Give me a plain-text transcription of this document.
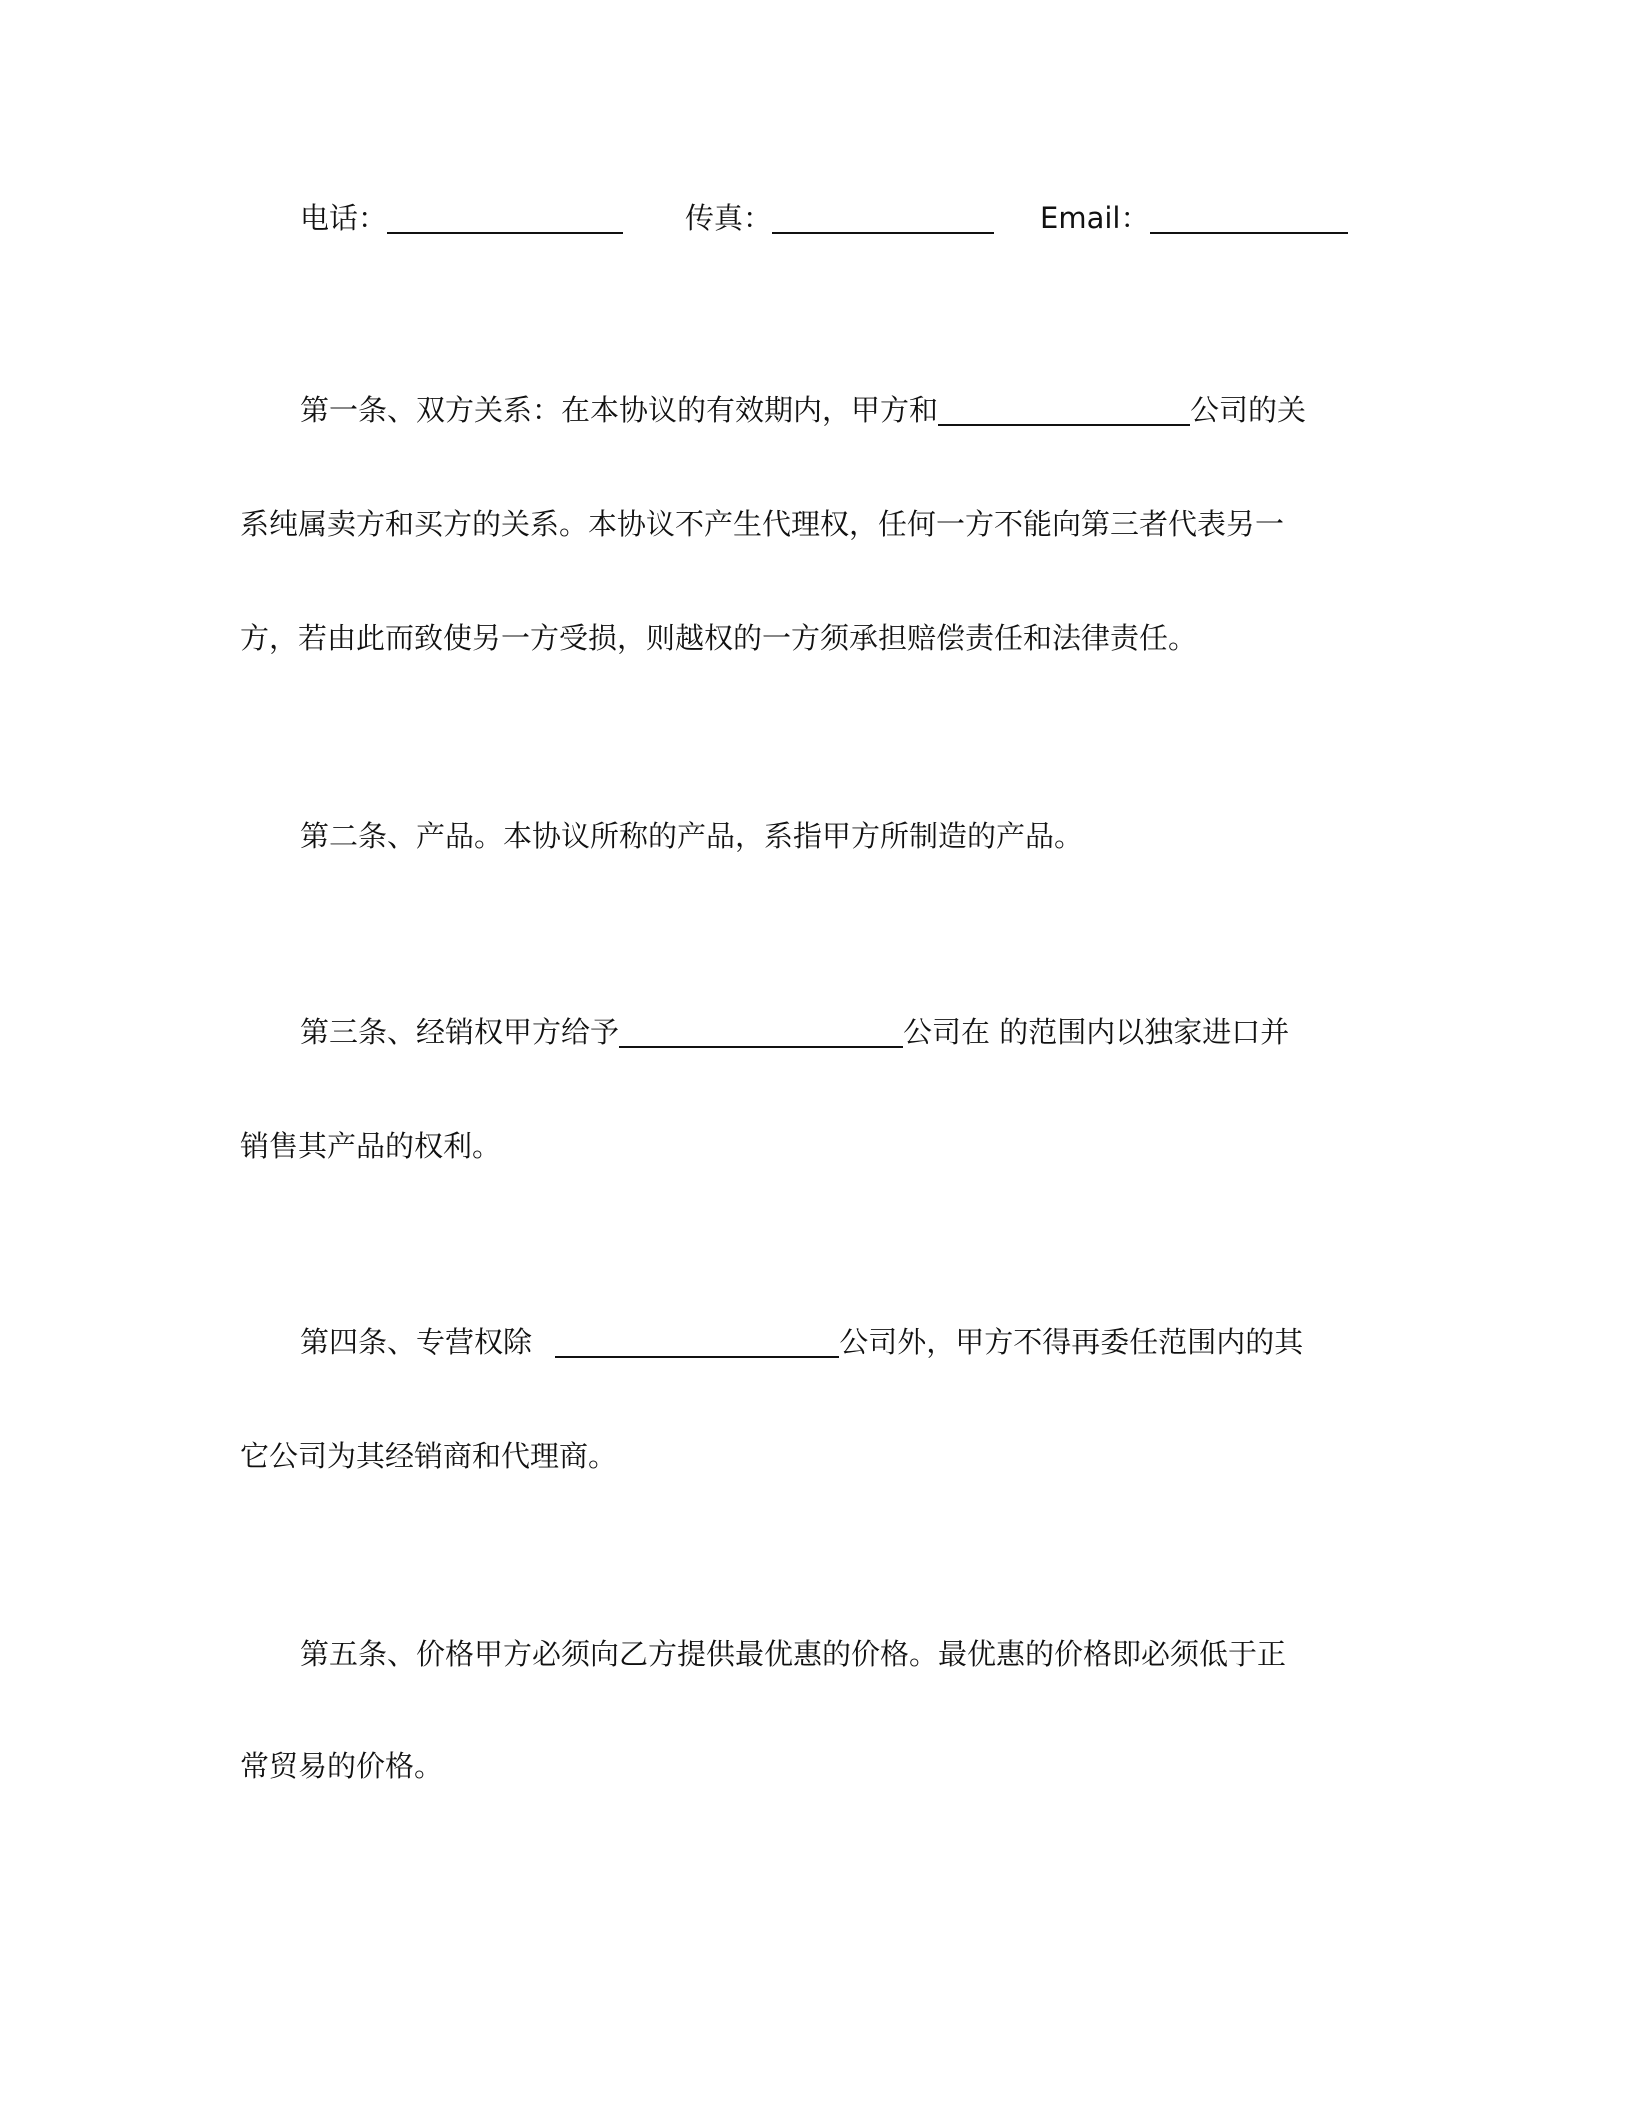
电话：	传真：	Email：
第一条、双方关系：在本协议的有效期内，甲方和	公司的关
系纯属卖方和买方的关系。本协议不产生代理权，任何一方不能向第三者代表另一
方，若由此而致使另一方受损，则越权的一方须承担赔偿责任和法律责任。
第二条、产品。本协议所称的产品，系指甲方所制造的产品。
第三条、经销权甲方给予	公司在 的范围内以独家进口并
销售其产品的权利。
第四条、专营权除	公司外，甲方不得再委任范围内的其
它公司为其经销商和代理商。
第五条、价格甲方必须向乙方提供最优惠的价格。最优惠的价格即必须低于正
常贸易的价格。
